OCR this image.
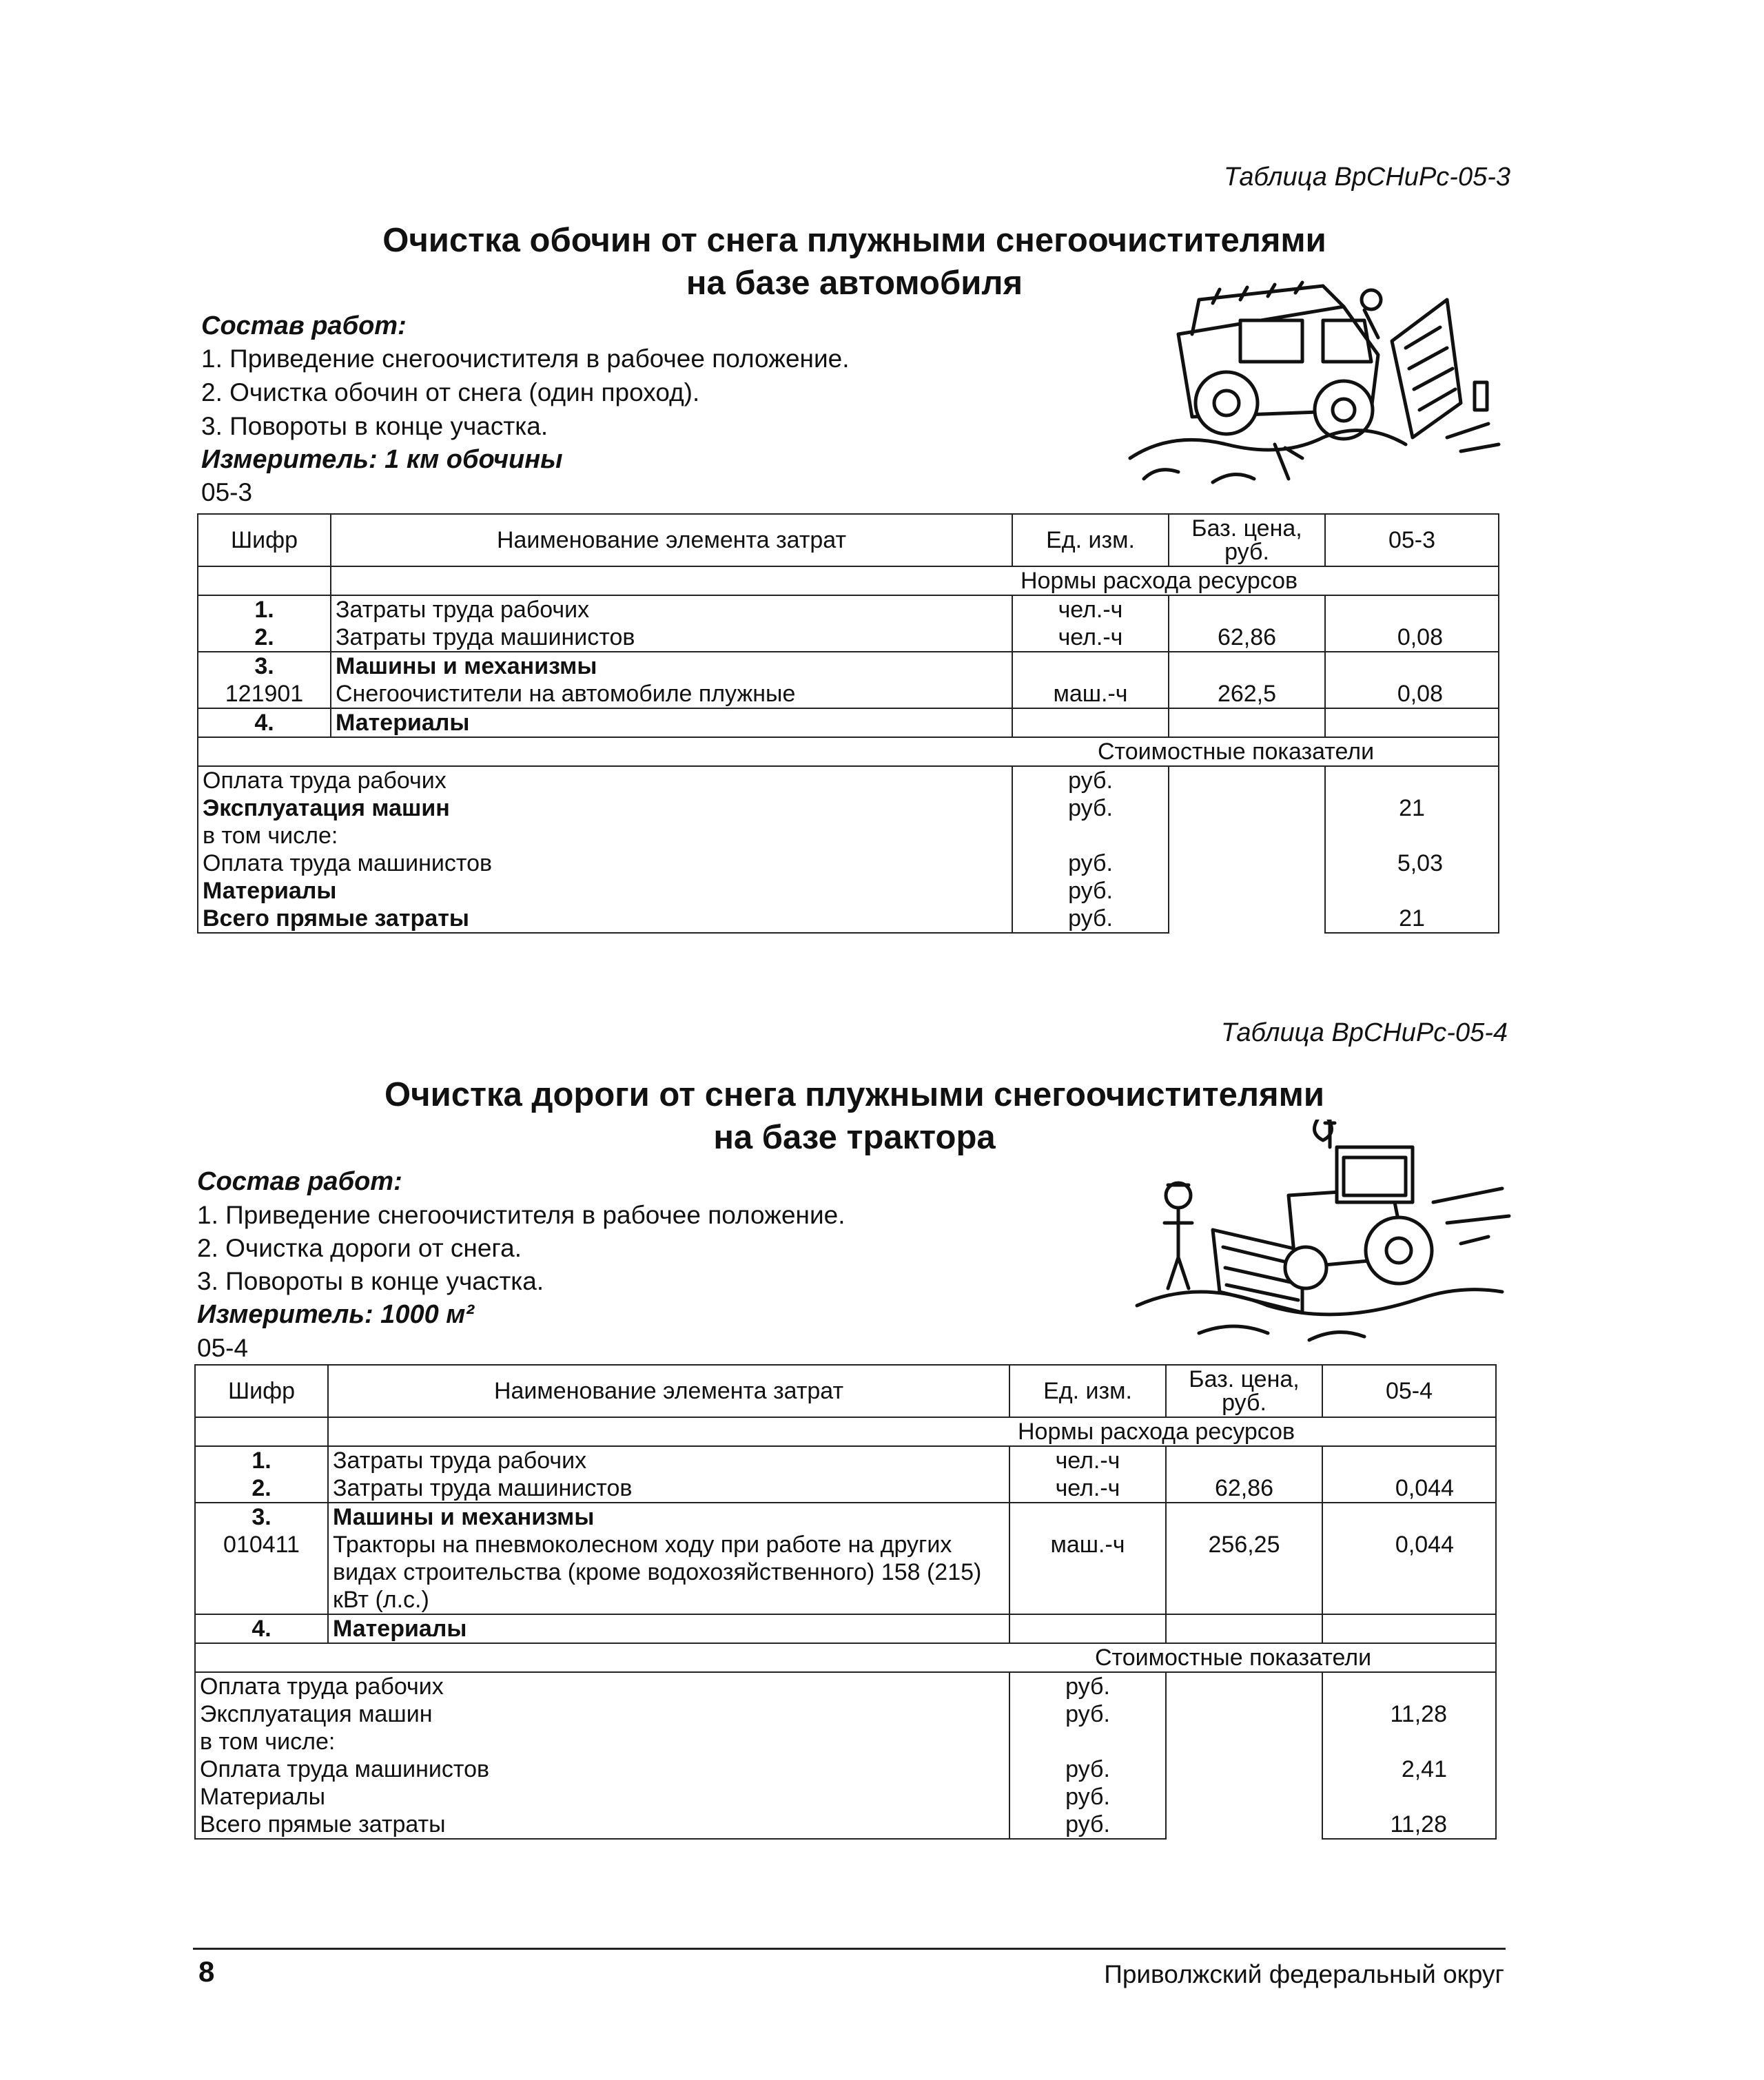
Таблица ВрСНиРс-05-3
Очистка обочин от снега плужными снегоочистителями
на базе автомобиля
Состав работ:
1. Приведение снегоочистителя в рабочее положение.
2. Очистка обочин от снега (один проход).
3. Повороты в конце участка.
Измеритель: 1 км обочины
05-3
Шифр	Наименование элемента затрат	Ед. изм.	Баз. цена, руб.	05-3
	Нормы расхода ресурсов			
1.	Затраты труда рабочих	чел.-ч		
2.	Затраты труда машинистов	чел.-ч	62,86	0,08
3.	Машины и механизмы			
121901	Снегоочистители на автомобиле плужные	маш.-ч	262,5	0,08
4.	Материалы			
Стоимостные показатели				
Оплата труда рабочих		руб.		
Эксплуатация машин		руб.		21
в том числе:				
Оплата труда машинистов		руб.		5,03
Материалы		руб.		
Всего прямые затраты		руб.		21
Таблица ВрСНиРс-05-4
Очистка дороги от снега плужными снегоочистителями
на базе трактора
Состав работ:
1. Приведение снегоочистителя в рабочее положение.
2. Очистка дороги от снега.
3. Повороты в конце участка.
Измеритель: 1000 м²
05-4
Шифр	Наименование элемента затрат	Ед. изм.	Баз. цена, руб.	05-4
	Нормы расхода ресурсов			
1.	Затраты труда рабочих	чел.-ч		
2.	Затраты труда машинистов	чел.-ч	62,86	0,044
3.	Машины и механизмы			
010411	Тракторы на пневмоколесном ходу при работе на других видах строительства (кроме водохозяйственного) 158 (215) кВт (л.с.)	маш.-ч	256,25	0,044
4.	Материалы			
Стоимостные показатели				
Оплата труда рабочих		руб.		
Эксплуатация машин		руб.		11,28
в том числе:				
Оплата труда машинистов		руб.		2,41
Материалы		руб.		
Всего прямые затраты		руб.		11,28
8	Приволжский федеральный округ
